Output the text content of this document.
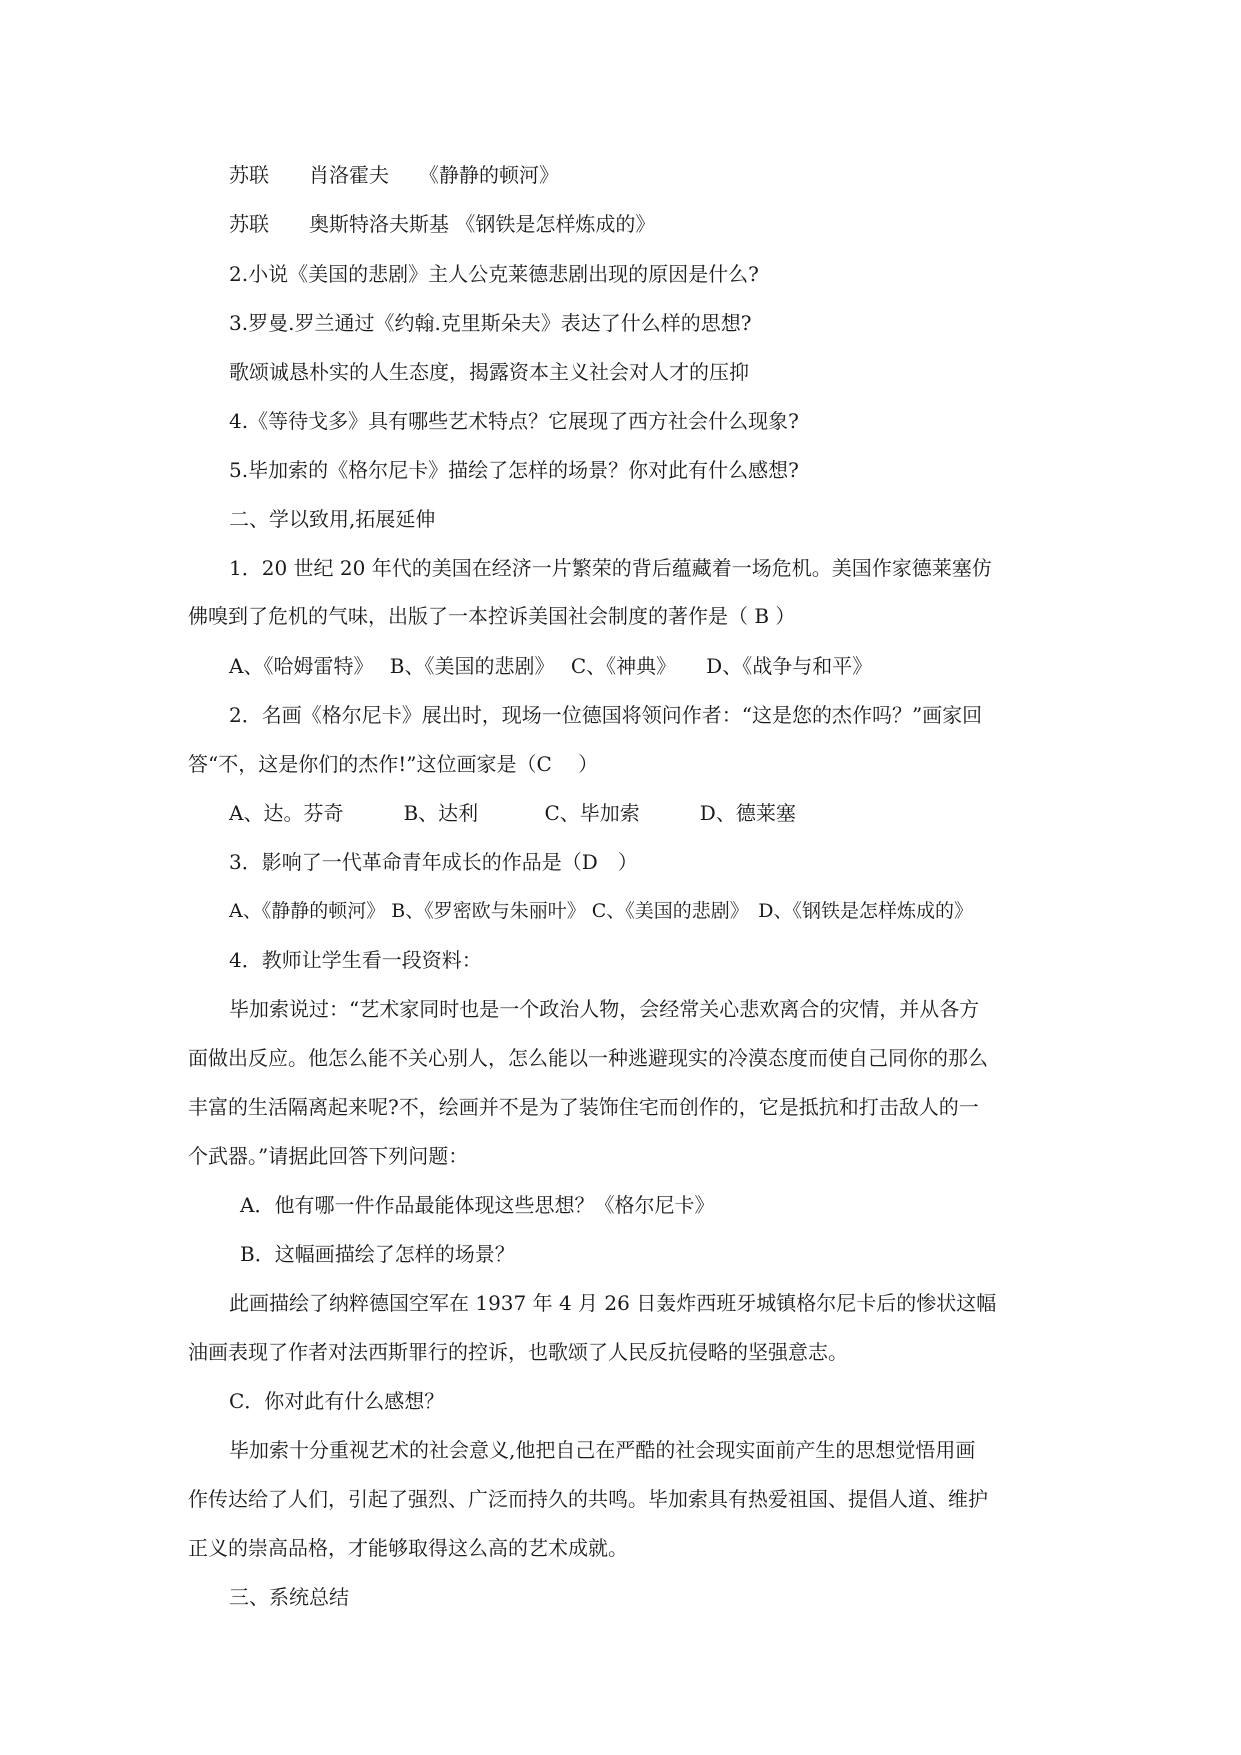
苏联　　肖洛霍夫　　《静静的顿河》
苏联　　奥斯特洛夫斯基 《钢铁是怎样炼成的》
2.小说《美国的悲剧》主人公克莱德悲剧出现的原因是什么?
3.罗曼.罗兰通过《约翰.克里斯朵夫》表达了什么样的思想?
歌颂诚恳朴实的人生态度，揭露资本主义社会对人才的压抑
4.《等待戈多》具有哪些艺术特点？它展现了西方社会什么现象?
5.毕加索的《格尔尼卡》描绘了怎样的场景？你对此有什么感想?
二、学以致用,拓展延伸
1．20 世纪 20 年代的美国在经济一片繁荣的背后蕴藏着一场危机。美国作家德莱塞仿
佛嗅到了危机的气味，出版了一本控诉美国社会制度的著作是（ B ）
A、《哈姆雷特》　 B、《美国的悲剧》　 C、《神典》　　D、《战争与和平》
2．名画《格尔尼卡》展出时，现场一位德国将领问作者：“这是您的杰作吗？”画家回
答“不，这是你们的杰作!”这位画家是（C　 ）
A、达。芬奇　　　B、达利　　　 C、毕加索　　　D、德莱塞
3．影响了一代革命青年成长的作品是（D　）
A、《静静的顿河》 B、《罗密欧与朱丽叶》 C、《美国的悲剧》　D、《钢铁是怎样炼成的》
4．教师让学生看一段资料：
毕加索说过：“艺术家同时也是一个政治人物，会经常关心悲欢离合的灾情，并从各方
面做出反应。他怎么能不关心别人，怎么能以一种逃避现实的冷漠态度而使自己同你的那么
丰富的生活隔离起来呢?不，绘画并不是为了装饰住宅而创作的，它是抵抗和打击敌人的一
个武器。”请据此回答下列问题：
A．他有哪一件作品最能体现这些思想？《格尔尼卡》
B．这幅画描绘了怎样的场景？
此画描绘了纳粹德国空军在 1937 年 4 月 26 日轰炸西班牙城镇格尔尼卡后的惨状这幅
油画表现了作者对法西斯罪行的控诉，也歌颂了人民反抗侵略的坚强意志。
C．你对此有什么感想？
毕加索十分重视艺术的社会意义,他把自己在严酷的社会现实面前产生的思想觉悟用画
作传达给了人们，引起了强烈、广泛而持久的共鸣。毕加索具有热爱祖国、提倡人道、维护
正义的崇高品格，才能够取得这么高的艺术成就。
三、系统总结
